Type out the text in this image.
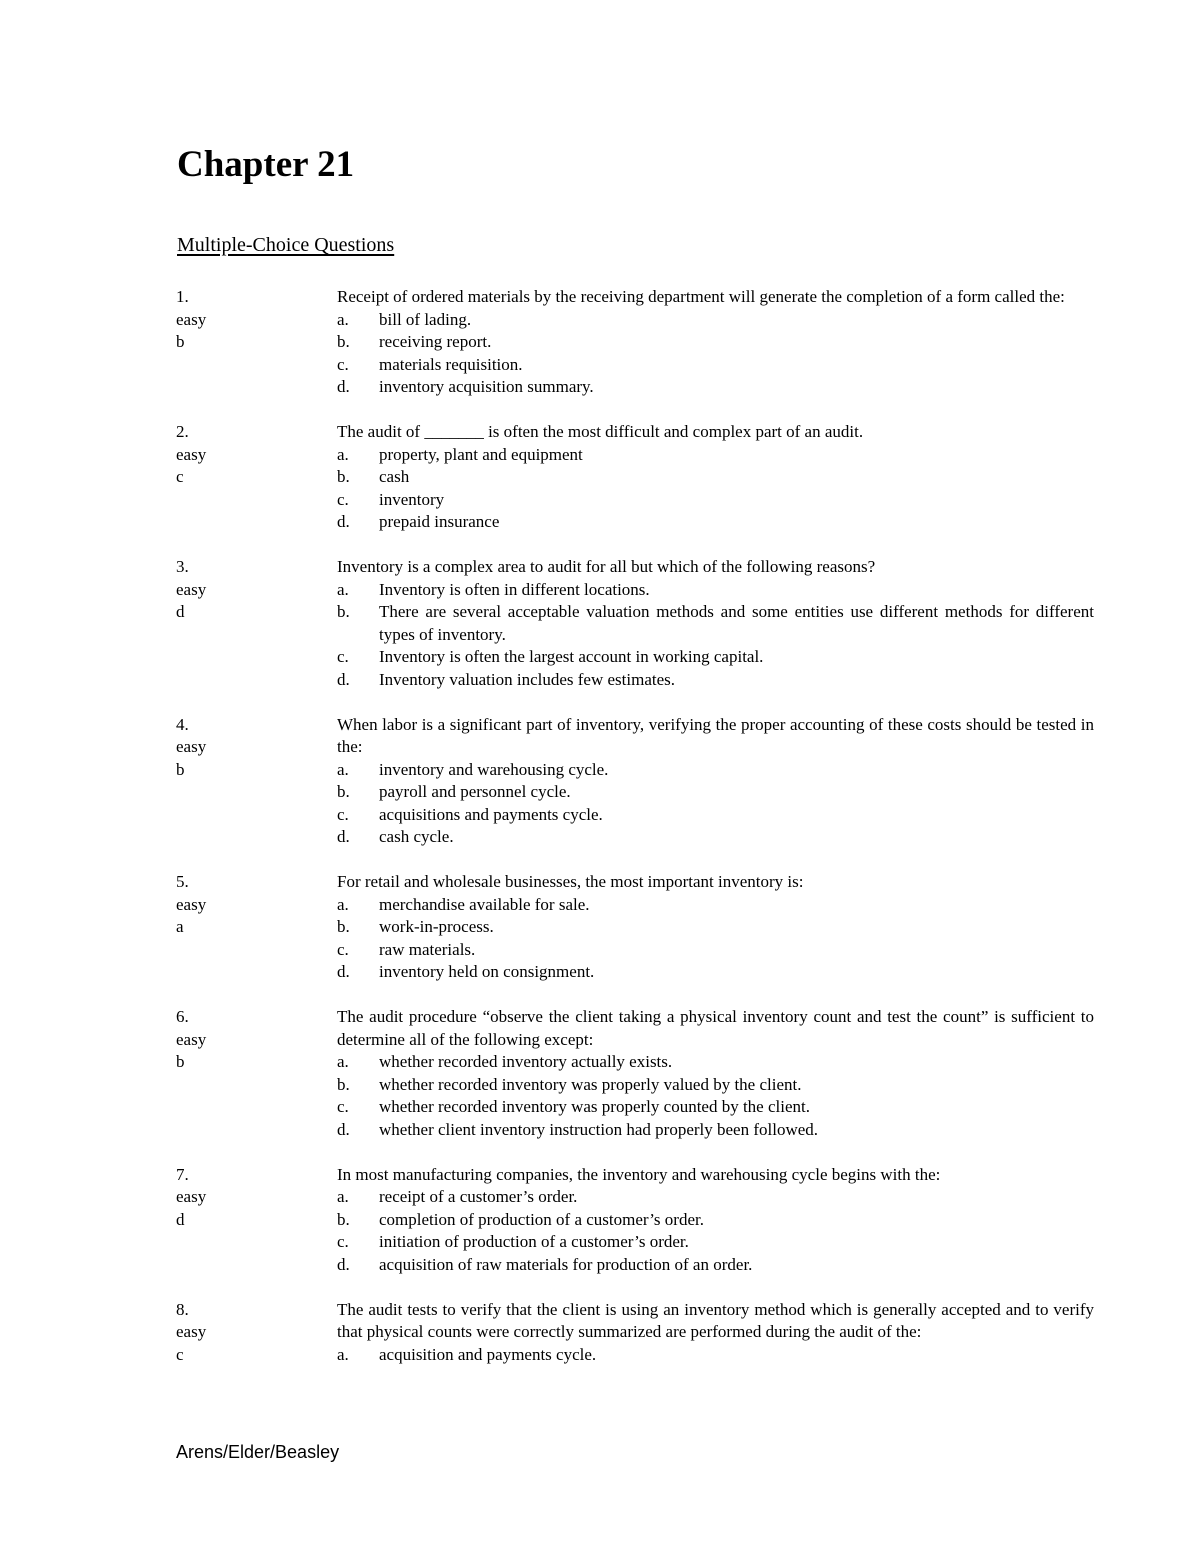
Chapter 21
Multiple-Choice Questions
1.
easy
b
Receipt of ordered materials by the receiving department will generate the completion of a form called the:
a.	bill of lading.
b.	receiving report.
c.	materials requisition.
d.	inventory acquisition summary.
2.
easy
c
The audit of _______ is often the most difficult and complex part of an audit.
a.	property, plant and equipment
b.	cash
c.	inventory
d.	prepaid insurance
3.
easy
d
Inventory is a complex area to audit for all but which of the following reasons?
a.	Inventory is often in different locations.
b.	There are several acceptable valuation methods and some entities use different methods for different types of inventory.
c.	Inventory is often the largest account in working capital.
d.	Inventory valuation includes few estimates.
4.
easy
b
When labor is a significant part of inventory, verifying the proper accounting of these costs should be tested in the:
a.	inventory and warehousing cycle.
b.	payroll and personnel cycle.
c.	acquisitions and payments cycle.
d.	cash cycle.
5.
easy
a
For retail and wholesale businesses, the most important inventory is:
a.	merchandise available for sale.
b.	work-in-process.
c.	raw materials.
d.	inventory held on consignment.
6.
easy
b
The audit procedure “observe the client taking a physical inventory count and test the count” is sufficient to determine all of the following except:
a.	whether recorded inventory actually exists.
b.	whether recorded inventory was properly valued by the client.
c.	whether recorded inventory was properly counted by the client.
d.	whether client inventory instruction had properly been followed.
7.
easy
d
In most manufacturing companies, the inventory and warehousing cycle begins with the:
a.	receipt of a customer’s order.
b.	completion of production of a customer’s order.
c.	initiation of production of a customer’s order.
d.	acquisition of raw materials for production of an order.
8.
easy
c
The audit tests to verify that the client is using an inventory method which is generally accepted and to verify that physical counts were correctly summarized are performed during the audit of the:
a.	acquisition and payments cycle.
Arens/Elder/Beasley
